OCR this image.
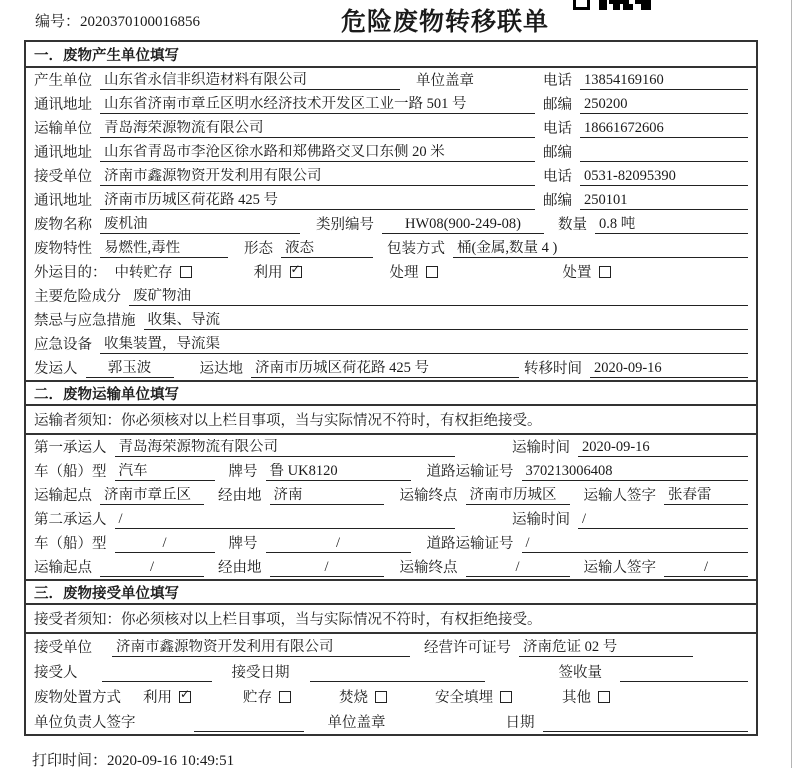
编号：2020370100016856	危险废物转移联单
一．废物产生单位填写
产生单位 山东省永信非织造材料有限公司	单位盖章	电话 13854169160
通讯地址 山东省济南市章丘区明水经济技术开发区工业一路 501 号	邮编 250200
运输单位 青岛海荣源物流有限公司	电话 18661672606
通讯地址 山东省青岛市李沧区徐水路和郑佛路交叉口东侧 20 米	邮编
接受单位 济南市鑫源物资开发利用有限公司	电话 0531-82095390
通讯地址 济南市历城区荷花路 425 号	邮编 250101
废物名称 废机油	类别编号	HW08(900-249-08)	数量 0.8 吨
废物特性 易燃性,毒性	形态 液态	包装方式 桶(金属,数量 4 )
外运目的： 中转贮存	利用 ✓	处理	处置
主要危险成分 废矿物油
禁忌与应急措施 收集、导流
应急设备 收集装置，导流渠
发运人	郭玉波	运达地 济南市历城区荷花路 425 号	转移时间 2020-09-16
二．废物运输单位填写
运输者须知：你必须核对以上栏目事项，当与实际情况不符时，有权拒绝接受。
第一承运人 青岛海荣源物流有限公司	运输时间 2020-09-16
车（船）型 汽车	牌号 鲁 UK8120	道路运输证号 370213006408
运输起点 济南市章丘区	经由地 济南	运输终点 济南市历城区	运输人签字 张春雷
第二承运人 /	运输时间 /
车（船）型	/	牌号	/	道路运输证号 /
运输起点	/	经由地	/	运输终点	/	运输人签字	/
三．废物接受单位填写
接受者须知：你必须核对以上栏目事项，当与实际情况不符时，有权拒绝接受。
接受单位 济南市鑫源物资开发利用有限公司	经营许可证号 济南危证 02 号
接受人	接受日期	签收量
废物处置方式 利用 ✓	贮存	焚烧	安全填埋	其他
单位负责人签字	单位盖章	日期
打印时间：2020-09-16 10:49:51
